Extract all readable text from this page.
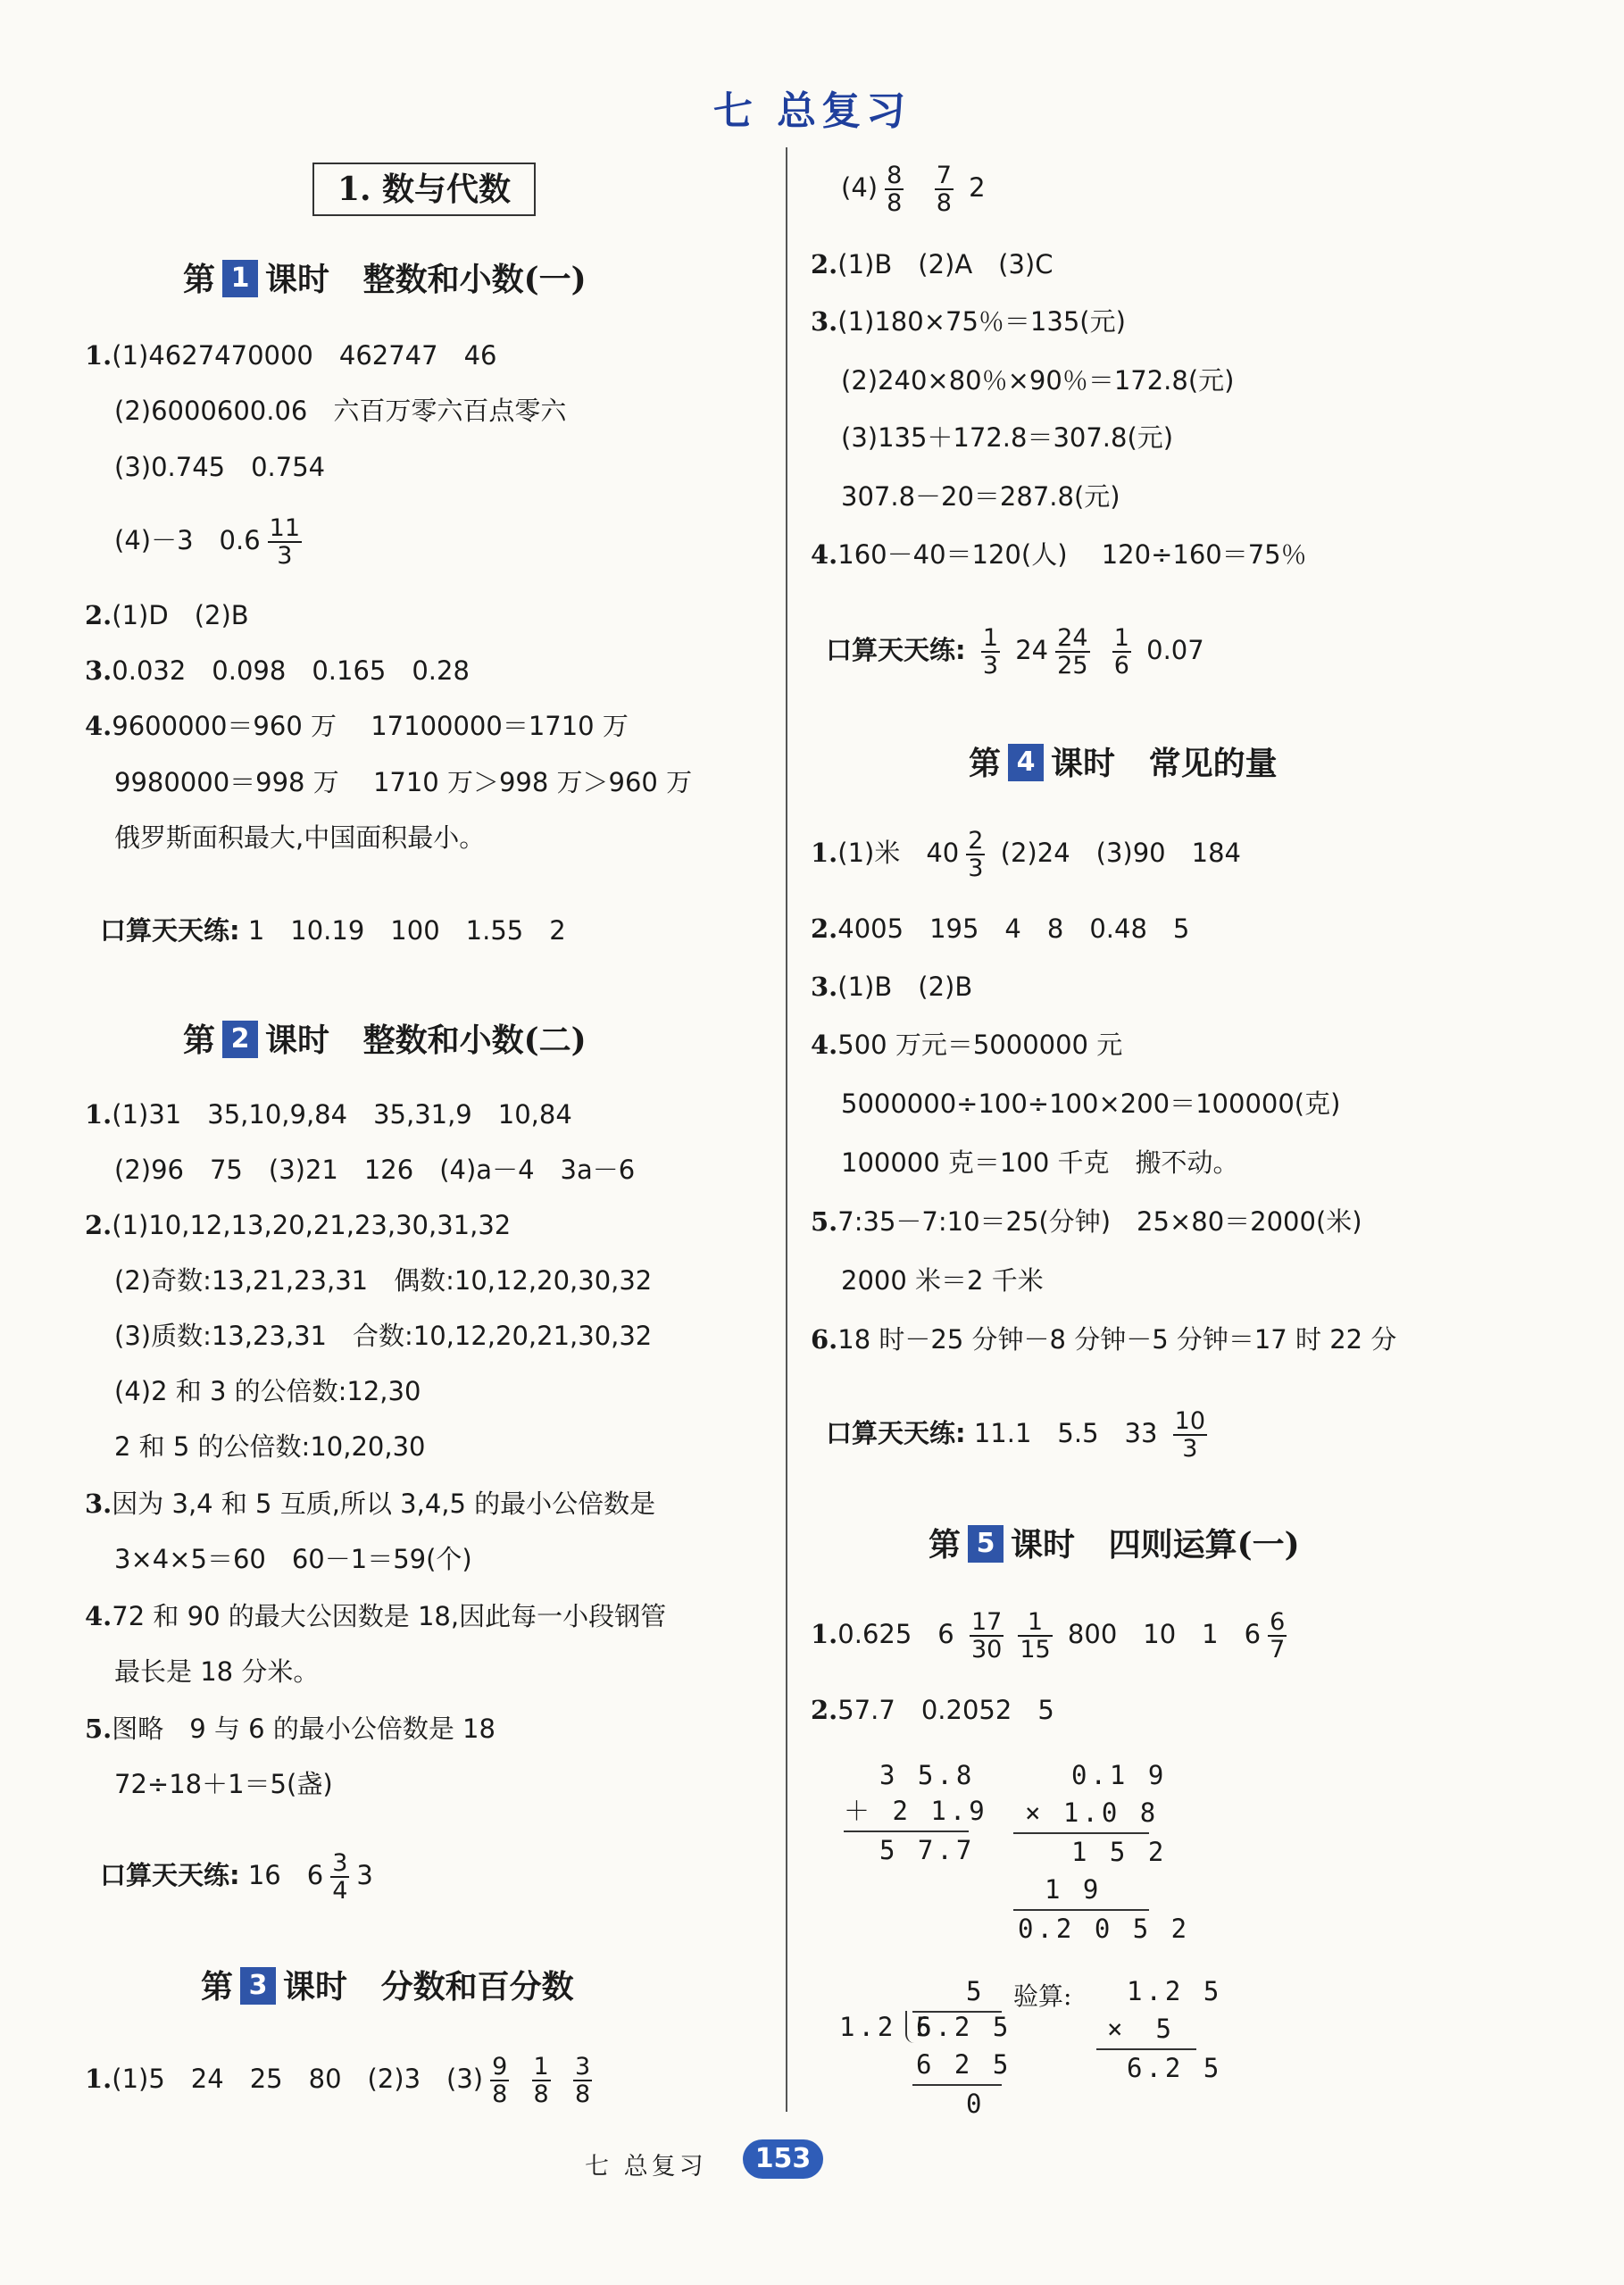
七 总复习
1. 数与代数
第 1 课时 整数和小数(一)
1.(1)4627470000　462747　46
(2)6000600.06　六百万零六百点零六
(3)0.745　0.754
(4)－3　$0.6 \frac{11}{3}$
2.(1)D　(2)B
3.0.032　0.098　0.165　0.28
4.9600000＝960 万　 17100000＝1710 万
9980000＝998 万　 1710 万＞998 万＞960 万
俄罗斯面积最大,中国面积最小。
口算天天练: 1　10.19　100　1.55　2
第 2 课时 整数和小数(二)
1.(1)31　35,10,9,84　35,31,9　10,84
(2)96　75　(3)21　126　(4)a－4　3a－6
2.(1)10,12,13,20,21,23,30,31,32
(2)奇数:13,21,23,31　偶数:10,12,20,30,32
(3)质数:13,23,31　合数:10,12,20,21,30,32
(4)2 和 3 的公倍数:12,30
2 和 5 的公倍数:10,20,30
3.因为 3,4 和 5 互质,所以 3,4,5 的最小公倍数是
3×4×5＝60　60－1＝59(个)
4.72 和 90 的最大公因数是 18,因此每一小段钢管
最长是 18 分米。
5.图略　9 与 6 的最小公倍数是 18
72÷18＋1＝5(盏)
口算天天练: 16　$6 \frac{3}{4} 3$
第 3 课时 分数和百分数
1.(1)5　24　25　80　(2)3　$(3) \frac{9}{8}$
$\frac{1}{8}$
$\frac{3}{8}$
$(4) \frac{8}{8}$
$\frac{7}{8} 2$
2.(1)B　(2)A　(3)C
3.(1)180×75％＝135(元)
(2)240×80％×90％＝172.8(元)
(3)135＋172.8＝307.8(元)
307.8－20＝287.8(元)
4.160－40＝120(人)　 120÷160＝75％
口算天天练: $\frac{1}{3} 24 \frac{24}{25}$
$\frac{1}{6} 0.07$
第 4 课时 常见的量
1.(1)米　$40 \frac{2}{3} (2)24$　(3)90　184
2.4005　195　4　8　0.48　5
3.(1)B　(2)B
4.500 万元＝5000000 元
5000000÷100÷100×200＝100000(克)
100000 克＝100 千克　搬不动。
5.7:35－7:10＝25(分钟)　25×80＝2000(米)
2000 米＝2 千米
6.18 时－25 分钟－8 分钟－5 分钟＝17 时 22 分
口算天天练: 11.1　5.5　$33 \frac{10}{3}$
第 5 课时 四则运算(一)
1.0.625　$6 \frac{17}{30} \frac{1}{15} 800$　10　1　$6 \frac{6}{7}$
2.57.7　0.2052　5
3 5.8
＋ 2 1.9
5 7.7
0.1 9
× 1.0 8
1 5 2
1 9
0.2 0 5 2
5
1.2 5
6.2 5
6 2 5
0
验算: 1.2 5
×　5
6.2 5
七 总复习	153
